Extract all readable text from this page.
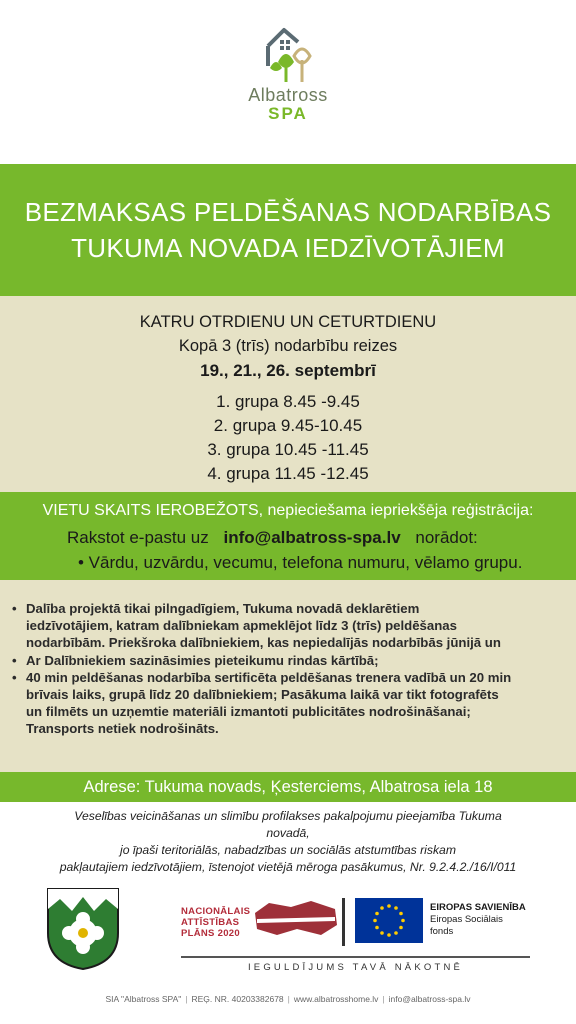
Albatross
SPA
BEZMAKSAS PELDĒŠANAS NODARBĪBAS
TUKUMA NOVADA IEDZĪVOTĀJIEM
KATRU OTRDIENU UN CETURTDIENU
Kopā 3 (trīs) nodarbību reizes
19., 21., 26. septembrī
1. grupa 8.45 -9.45
2. grupa 9.45-10.45
3. grupa 10.45 -11.45
4. grupa 11.45 -12.45
VIETU SKAITS IEROBEŽOTS, nepieciešama iepriekšēja reģistrācija:
Rakstot e-pastu uz info@albatross-spa.lv norādot:
• Vārdu, uzvārdu, vecumu, telefona numuru, vēlamo grupu.
• Dalība projektā tikai pilngadīgiem, Tukuma novadā deklarētiem
iedzīvotājiem, katram dalībniekam apmeklējot līdz 3 (trīs) peldēšanas
nodarbībām. Priekšroka dalībniekiem, kas nepiedalījās nodarbībās jūnijā un
• Ar Dalībniekiem sazināsimies pieteikumu rindas kārtībā;
• 40 min peldēšanas nodarbība sertificēta peldēšanas trenera vadībā un 20 min
brīvais laiks, grupā līdz 20 dalībniekiem; Pasākuma laikā var tikt fotografēts
un filmēts un uzņemtie materiāli izmantoti publicitātes nodrošināšanai;
Transports netiek nodrošināts.
Adrese: Tukuma novads, Ķesterciems, Albatrosa iela 18
Veselības veicināšanas un slimību profilakses pakalpojumu pieejamība Tukuma
novadā,
jo īpaši teritoriālās, nabadzības un sociālās atstumtības riskam
pakļautajiem iedzīvotājiem, īstenojot vietējā mēroga pasākumus, Nr. 9.2.4.2./16/I/011
NACIONĀLAIS
ATTĪSTĪBAS
PLĀNS 2020
EIROPAS SAVIENĪBA
Eiropas Sociālais
fonds
IEGULDĪJUMS TAVĀ NĀKOTNĒ
SIA "Albatross SPA" | REĢ. NR. 40203382678 | www.albatrosshome.lv | info@albatross-spa.lv
